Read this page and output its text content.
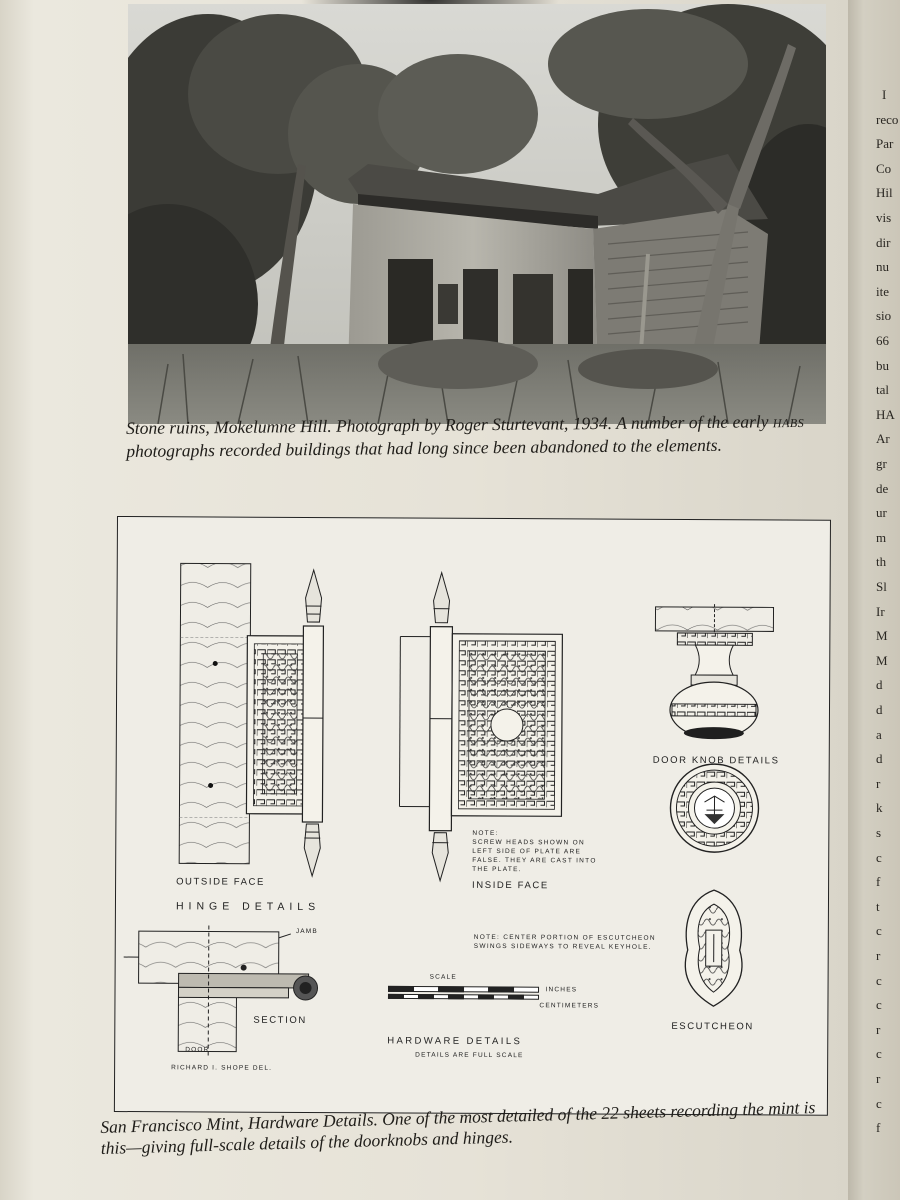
Stone ruins, Mokelumne Hill. Photograph by Roger Sturtevant, 1934. A number of the early HABS photographs recorded buildings that had long since been abandoned to the elements.
OUTSIDE FACE
HINGE DETAILS
NOTE:
SCREW HEADS SHOWN ON
LEFT SIDE OF PLATE ARE
FALSE. THEY ARE CAST INTO
THE PLATE.
INSIDE FACE
DOOR KNOB DETAILS
NOTE: CENTER PORTION OF ESCUTCHEON
SWINGS SIDEWAYS TO REVEAL KEYHOLE.
JAMB
SECTION
DOOR
RICHARD I. SHOPE DEL.
SCALE
INCHES
CENTIMETERS
HARDWARE DETAILS
DETAILS ARE FULL SCALE
ESCUTCHEON
San Francisco Mint, Hardware Details. One of the most detailed of the 22 sheets recording the mint is this—giving full-scale details of the doorknobs and hinges.
I
reco
Par
Co
Hil
vis
dir
nu
ite
sio
66
bu
tal
HA
Ar
gr
de
ur
m
th
Sl
Ir
M
M
d
d
a
d
r
k
s
c
f
t
c
r
c
c
r
c
r
c
f
